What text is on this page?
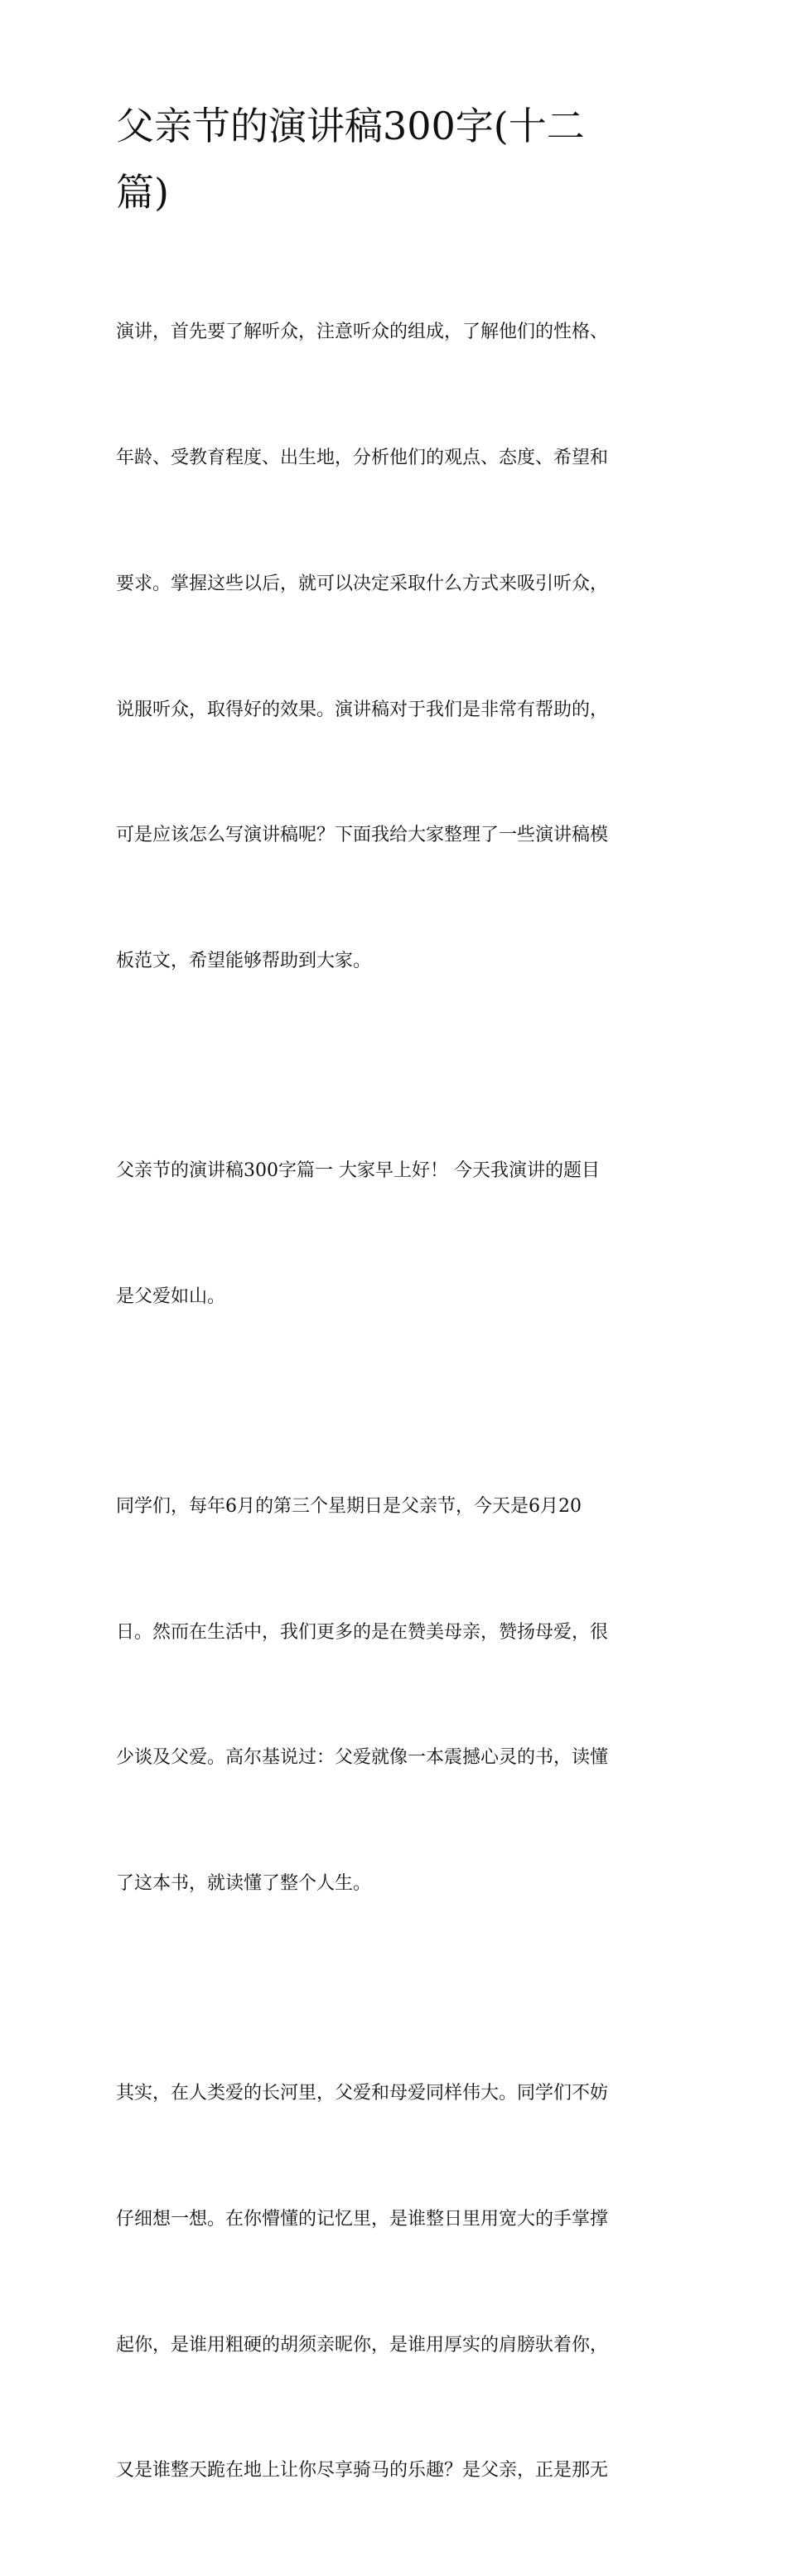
父亲节的演讲稿300字(十二
篇)

演讲，首先要了解听众，注意听众的组成，了解他们的性格、

年龄、受教育程度、出生地，分析他们的观点、态度、希望和

要求。掌握这些以后，就可以决定采取什么方式来吸引听众，

说服听众，取得好的效果。演讲稿对于我们是非常有帮助的，

可是应该怎么写演讲稿呢？下面我给大家整理了一些演讲稿模

板范文，希望能够帮助到大家。

父亲节的演讲稿300字篇一 大家早上好！ 今天我演讲的题目

是父爱如山。

同学们，每年6月的第三个星期日是父亲节，今天是6月20

日。然而在生活中，我们更多的是在赞美母亲，赞扬母爱，很

少谈及父爱。高尔基说过：父爱就像一本震撼心灵的书，读懂

了这本书，就读懂了整个人生。

其实，在人类爱的长河里，父爱和母爱同样伟大。同学们不妨

仔细想一想。在你懵懂的记忆里，是谁整日里用宽大的手掌撑

起你，是谁用粗硬的胡须亲昵你，是谁用厚实的肩膀驮着你，

又是谁整天跪在地上让你尽享骑马的乐趣？是父亲，正是那无
